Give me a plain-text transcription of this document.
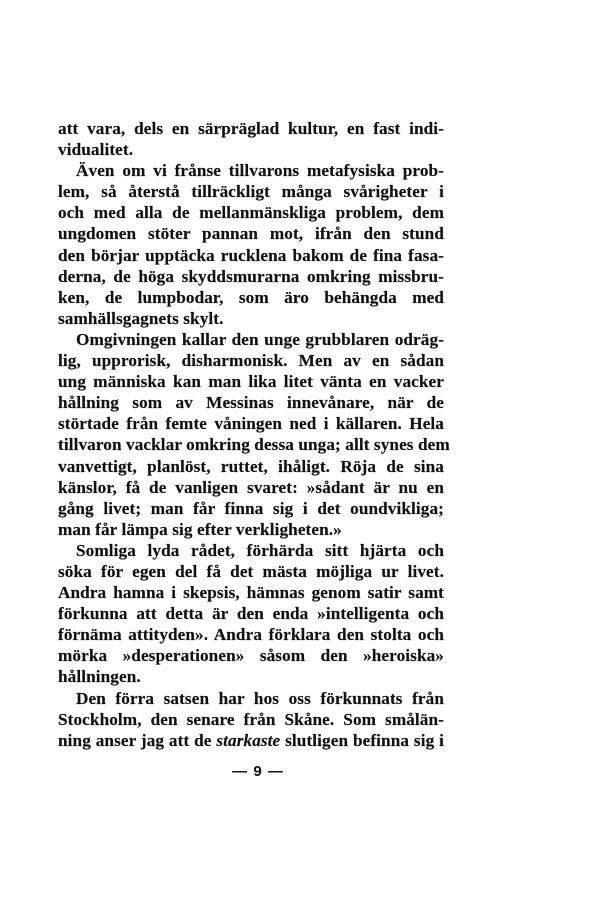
att vara, dels en särpräglad kultur, en fast indi-
vidualitet.
Även om vi frånse tillvarons metafysiska prob-
lem, så återstå tillräckligt många svårigheter i
och med alla de mellanmänskliga problem, dem
ungdomen stöter pannan mot, ifrån den stund
den börjar upptäcka rucklena bakom de fina fasa-
derna, de höga skyddsmurarna omkring missbru-
ken, de lumpbodar, som äro behängda med
samhällsgagnets skylt.
Omgivningen kallar den unge grubblaren odräg-
lig, upprorisk, disharmonisk. Men av en sådan
ung människa kan man lika litet vänta en vacker
hållning som av Messinas innevånare, när de
störtade från femte våningen ned i källaren. Hela
tillvaron vacklar omkring dessa unga; allt synes dem
vanvettigt, planlöst, ruttet, ihåligt. Röja de sina
känslor, få de vanligen svaret: »sådant är nu en
gång livet; man får finna sig i det oundvikliga;
man får lämpa sig efter verkligheten.»
Somliga lyda rådet, förhärda sitt hjärta och
söka för egen del få det mästa möjliga ur livet.
Andra hamna i skepsis, hämnas genom satir samt
förkunna att detta är den enda »intelligenta och
förnäma attityden». Andra förklara den stolta och
mörka »desperationen» såsom den »heroiska»
hållningen.
Den förra satsen har hos oss förkunnats från
Stockholm, den senare från Skåne. Som smålän-
ning anser jag att de starkaste slutligen befinna sig i
— 9 —
